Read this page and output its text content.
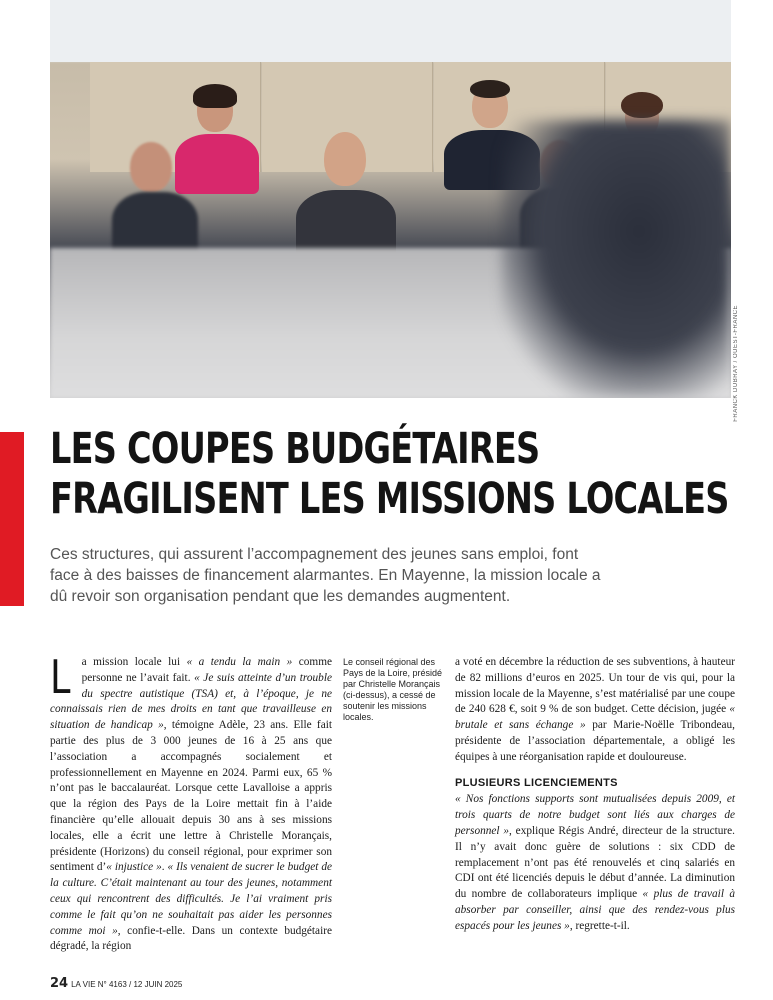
FRANCK DUBRAY / OUEST-FRANCE
LES COUPES BUDGÉTAIRES
FRAGILISENT LES MISSIONS LOCALES

Ces structures, qui assurent l’accompagnement des jeunes sans emploi, font face à des baisses de financement alarmantes. En Mayenne, la mission locale a dû revoir son organisation pendant que les demandes augmentent.

La mission locale lui « a tendu la main » comme personne ne l’avait fait. « Je suis atteinte d’un trouble du spectre autistique (TSA) et, à l’époque, je ne connaissais rien de mes droits en tant que travailleuse en situation de handicap », témoigne Adèle, 23 ans. Elle fait partie des plus de 3 000 jeunes de 16 à 25 ans que l’association a accompagnés socialement et professionnellement en Mayenne en 2024. Parmi eux, 65 % n’ont pas le baccalauréat. Lorsque cette Lavalloise a appris que la région des Pays de la Loire mettait fin à l’aide financière qu’elle allouait depuis 30 ans à ses missions locales, elle a écrit une lettre à Christelle Morançais, présidente (Horizons) du conseil régional, pour exprimer son sentiment d’« injustice ». « Ils venaient de sucrer le budget de la culture. C’était maintenant au tour des jeunes, notamment ceux qui rencontrent des difficultés. Je l’ai vraiment pris comme le fait qu’on ne souhaitait pas aider les personnes comme moi », confie-t-elle. Dans un contexte budgétaire dégradé, la région

Le conseil régional des Pays de la Loire, présidé par Christelle Morançais (ci-dessus), a cessé de soutenir les missions locales.

a voté en décembre la réduction de ses subventions, à hauteur de 82 millions d’euros en 2025. Un tour de vis qui, pour la mission locale de la Mayenne, s’est matérialisé par une coupe de 240 628 €, soit 9 % de son budget. Cette décision, jugée « brutale et sans échange » par Marie-Noëlle Tribondeau, présidente de l’association départementale, a obligé les équipes à une réorganisation rapide et douloureuse.

PLUSIEURS LICENCIEMENTS

« Nos fonctions supports sont mutualisées depuis 2009, et trois quarts de notre budget sont liés aux charges de personnel », explique Régis André, directeur de la structure. Il n’y avait donc guère de solutions : six CDD de remplacement n’ont pas été renouvelés et cinq salariés en CDI ont été licenciés depuis le début d’année. La diminution du nombre de collaborateurs implique « plus de travail à absorber par conseiller, ainsi que des rendez-vous plus espacés pour les jeunes », regrette-t-il.

24 LA VIE N° 4163 / 12 JUIN 2025
